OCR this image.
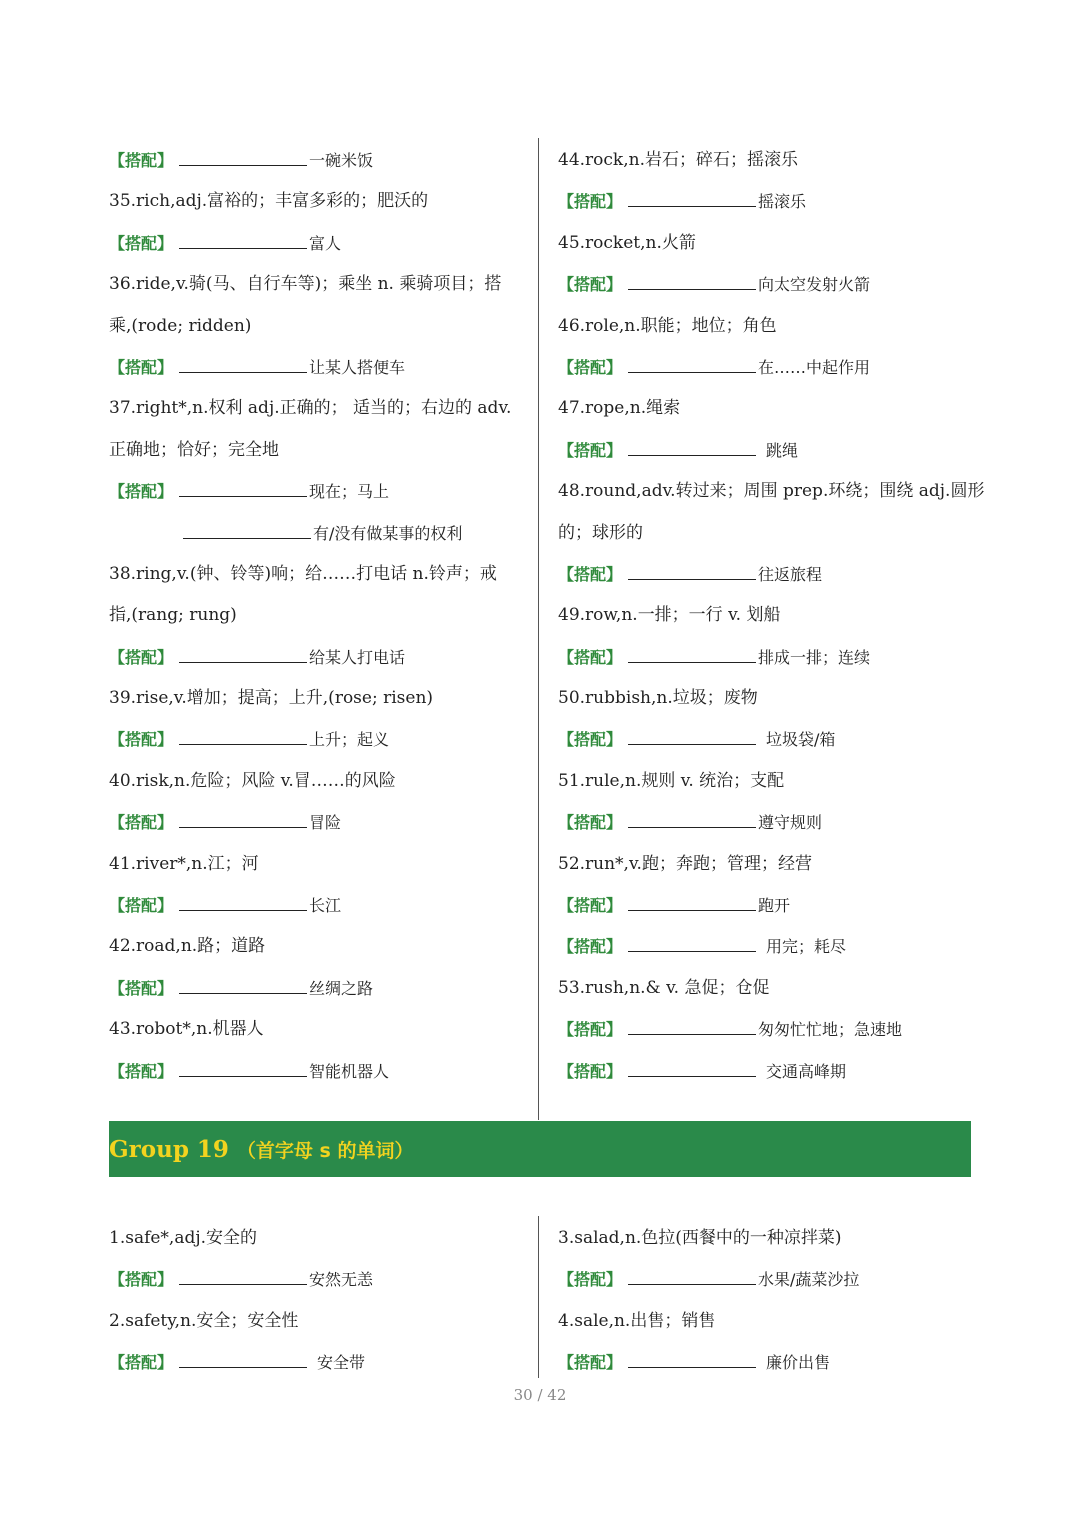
【搭配】	一碗米饭
35.rich,adj.富裕的；丰富多彩的；肥沃的
【搭配】	富人
36.ride,v.骑(马、自行车等)；乘坐 n. 乘骑项目；搭
乘,(rode; ridden)
【搭配】	让某人搭便车
37.right*,n.权利 adj.正确的； 适当的；右边的 adv.
正确地；恰好；完全地
【搭配】	现在；马上
有/没有做某事的权利
38.ring,v.(钟、铃等)响；给……打电话 n.铃声；戒
指,(rang; rung)
【搭配】	给某人打电话
39.rise,v.增加；提高；上升,(rose; risen)
【搭配】	上升；起义
40.risk,n.危险；风险 v.冒……的风险
【搭配】	冒险
41.river*,n.江；河
【搭配】	长江
42.road,n.路；道路
【搭配】	丝绸之路
43.robot*,n.机器人
【搭配】	智能机器人
44.rock,n.岩石；碎石；摇滚乐
【搭配】	摇滚乐
45.rocket,n.火箭
【搭配】	向太空发射火箭
46.role,n.职能；地位；角色
【搭配】	在……中起作用
47.rope,n.绳索
【搭配】	跳绳
48.round,adv.转过来；周围 prep.环绕；围绕 adj.圆形
的；球形的
【搭配】	往返旅程
49.row,n.一排；一行 v. 划船
【搭配】	排成一排；连续
50.rubbish,n.垃圾；废物
【搭配】	垃圾袋/箱
51.rule,n.规则 v. 统治；支配
【搭配】	遵守规则
52.run*,v.跑；奔跑；管理；经营
【搭配】	跑开
【搭配】	用完；耗尽
53.rush,n.& v. 急促；仓促
【搭配】	匆匆忙忙地；急速地
【搭配】	交通高峰期
Group 19 （首字母 s 的单词）
1.safe*,adj.安全的
【搭配】	安然无恙
2.safety,n.安全；安全性
【搭配】	安全带
3.salad,n.色拉(西餐中的一种凉拌菜)
【搭配】	水果/蔬菜沙拉
4.sale,n.出售；销售
【搭配】	廉价出售
30 / 42
